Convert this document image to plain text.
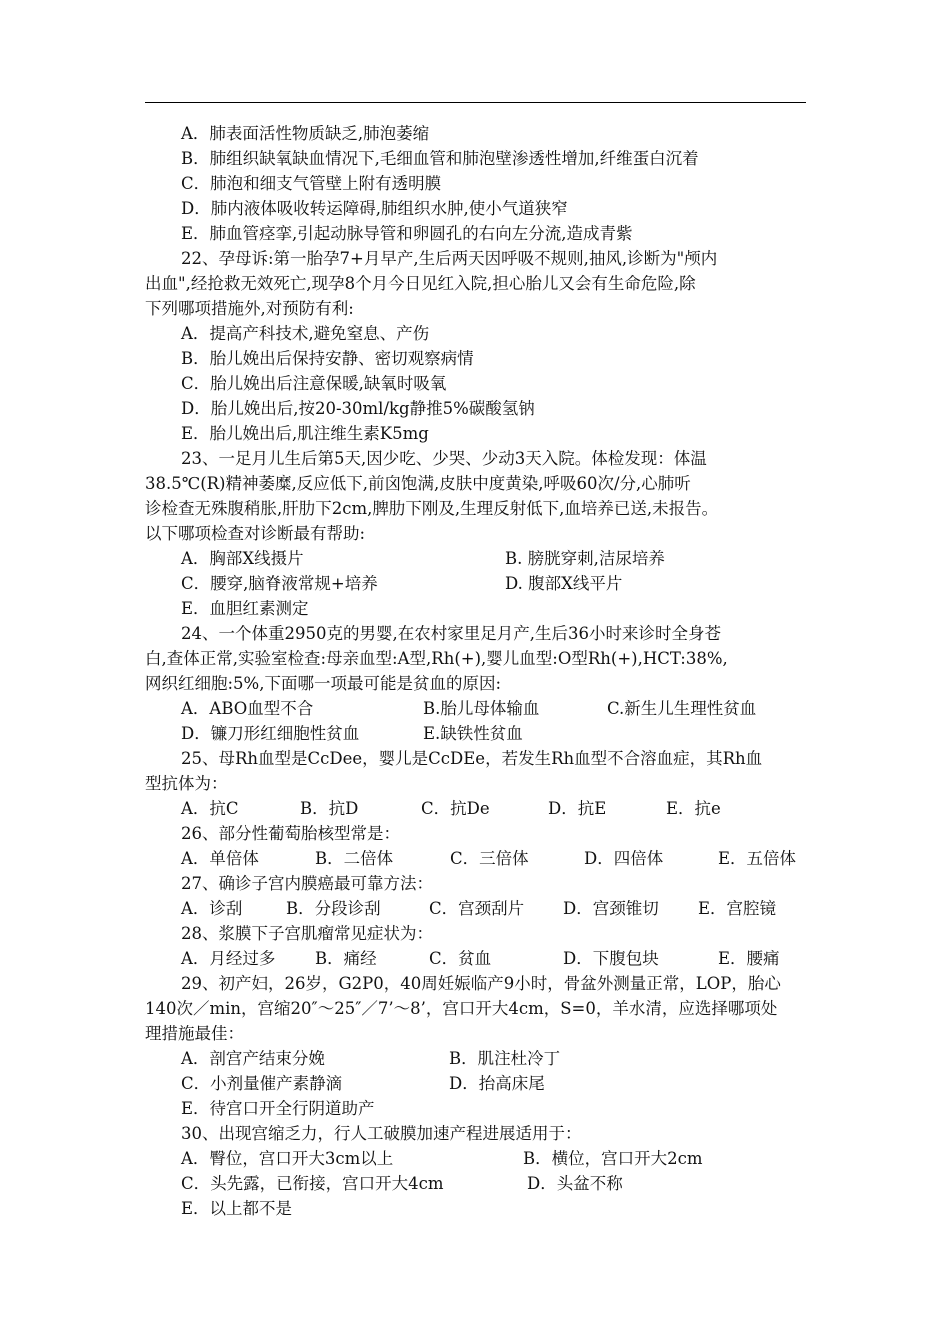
A．肺表面活性物质缺乏,肺泡萎缩
B．肺组织缺氧缺血情况下,毛细血管和肺泡壁渗透性增加,纤维蛋白沉着
C．肺泡和细支气管壁上附有透明膜
D．肺内液体吸收转运障碍,肺组织水肿,使小气道狭窄
E．肺血管痉挛,引起动脉导管和卵圆孔的右向左分流,造成青紫
22、孕母诉:第一胎孕7+月早产,生后两天因呼吸不规则,抽风,诊断为"颅内
出血",经抢救无效死亡,现孕8个月今日见红入院,担心胎儿又会有生命危险,除
下列哪项措施外,对预防有利:
A．提高产科技术,避免窒息、产伤
B．胎儿娩出后保持安静、密切观察病情
C．胎儿娩出后注意保暖,缺氧时吸氧
D．胎儿娩出后,按20-30ml/kg静推5%碳酸氢钠
E．胎儿娩出后,肌注维生素K5mg
23、一足月儿生后第5天,因少吃、少哭、少动3天入院。体检发现：体温
38.5℃(R)精神萎糜,反应低下,前囟饱满,皮肤中度黄染,呼吸60次/分,心肺听
诊检查无殊腹稍胀,肝肋下2cm,脾肋下刚及,生理反射低下,血培养已送,未报告。
以下哪项检查对诊断最有帮助:
A．胸部X线摄片	B. 膀胱穿刺,洁尿培养
C．腰穿,脑脊液常规+培养	D. 腹部X线平片
E．血胆红素测定
24、一个体重2950克的男婴,在农村家里足月产,生后36小时来诊时全身苍
白,查体正常,实验室检查:母亲血型:A型,Rh(+),婴儿血型:O型Rh(+),HCT:38%,
网织红细胞:5%,下面哪一项最可能是贫血的原因:
A．ABO血型不合	B.胎儿母体输血	C.新生儿生理性贫血
D．镰刀形红细胞性贫血	E.缺铁性贫血
25、母Rh血型是CcDee，婴儿是CcDEe，若发生Rh血型不合溶血症，其Rh血
型抗体为：
A．抗C	B．抗D	C．抗De	D．抗E	E．抗e
26、部分性葡萄胎核型常是：
A．单倍体	B．二倍体	C．三倍体	D．四倍体	E．五倍体
27、确诊子宫内膜癌最可靠方法：
A．诊刮	B．分段诊刮	C．宫颈刮片 D．宫颈锥切 E．宫腔镜
28、浆膜下子宫肌瘤常见症状为：
A．月经过多 B．痛经	C．贫血	D．下腹包块	E．腰痛
29、初产妇，26岁，G2P0，40周妊娠临产9小时，骨盆外测量正常，LOP，胎心
140次／min，宫缩20″～25″／7’～8’，宫口开大4cm，S=0，羊水清，应选择哪项处
理措施最佳：
A．剖宫产结束分娩	B．肌注杜冷丁
C．小剂量催产素静滴	D．抬高床尾
E．待宫口开全行阴道助产
30、出现宫缩乏力，行人工破膜加速产程进展适用于：
A．臀位，宫口开大3cm以上	B．横位，宫口开大2cm
C．头先露，已衔接，宫口开大4cm	D．头盆不称
E．以上都不是
